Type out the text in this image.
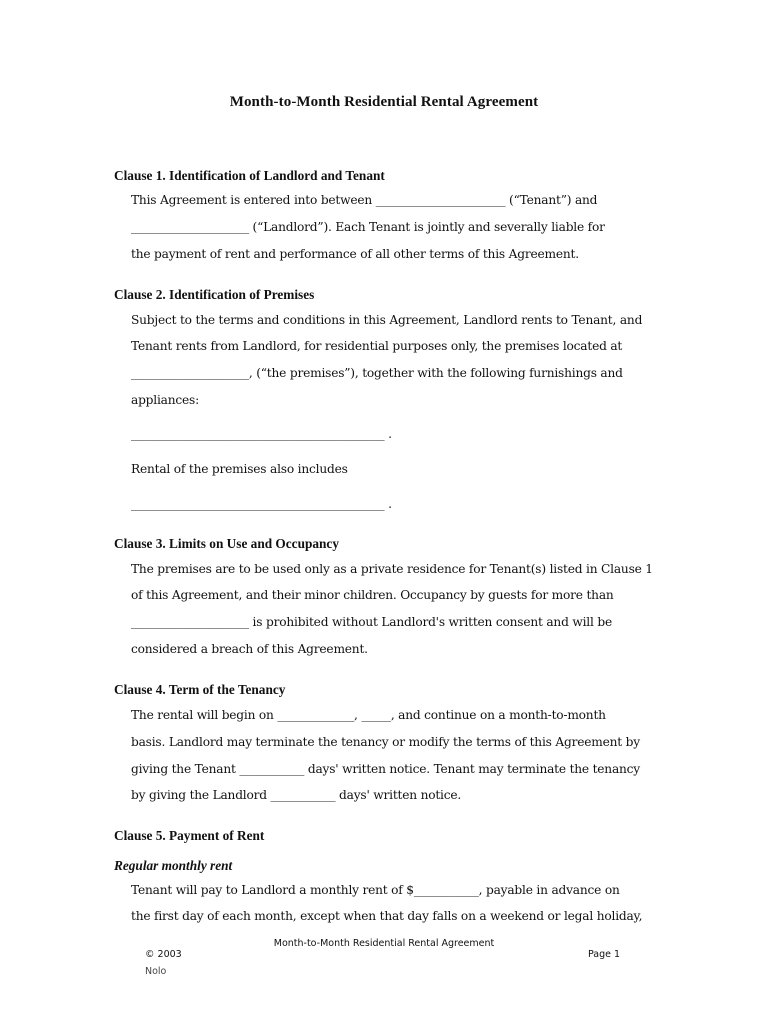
Month-to-Month Residential Rental Agreement
Clause 1. Identification of Landlord and Tenant
This Agreement is entered into between ______________________ (“Tenant”) and
____________________ (“Landlord”). Each Tenant is jointly and severally liable for
the payment of rent and performance of all other terms of this Agreement.
Clause 2. Identification of Premises
Subject to the terms and conditions in this Agreement, Landlord rents to Tenant, and
Tenant rents from Landlord, for residential purposes only, the premises located at
____________________, (“the premises”), together with the following furnishings and
appliances:
___________________________________________ .
Rental of the premises also includes
___________________________________________ .
Clause 3. Limits on Use and Occupancy
The premises are to be used only as a private residence for Tenant(s) listed in Clause 1
of this Agreement, and their minor children. Occupancy by guests for more than
____________________ is prohibited without Landlord's written consent and will be
considered a breach of this Agreement.
Clause 4. Term of the Tenancy
The rental will begin on _____________, _____, and continue on a month-to-month
basis. Landlord may terminate the tenancy or modify the terms of this Agreement by
giving the Tenant ___________ days' written notice. Tenant may terminate the tenancy
by giving the Landlord ___________ days' written notice.
Clause 5. Payment of Rent
Regular monthly rent
Tenant will pay to Landlord a monthly rent of $___________, payable in advance on
the first day of each month, except when that day falls on a weekend or legal holiday,
Month-to-Month Residential Rental Agreement
© 2003	Page 1
Nolo
